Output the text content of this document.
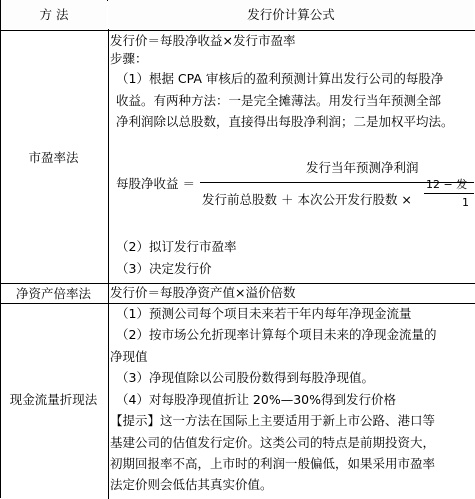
方 法	发行价计算公式
市盈率法
发行价＝每股净收益×发行市盈率
步骤：
（1）根据 CPA 审核后的盈利预测计算出发行公司的每股净
收益。有两种方法：一是完全摊薄法。用发行当年预测全部
净利润除以总股数，直接得出每股净利润；二是加权平均法。
每股净收益 ＝
发行当年预测净利润
发行前总股数 ＋ 本次公开发行股数 ×
12 − 发
1
（2）拟订发行市盈率
（3）决定发行价
净资产倍率法	发行价＝每股净资产值×溢价倍数
现金流量折现法
（1）预测公司每个项目未来若干年内每年净现金流量
（2）按市场公允折现率计算每个项目未来的净现金流量的
净现值
（3）净现值除以公司股份数得到每股净现值。
（4）对每股净现值折让 20%—30%得到发行价格
【提示】这一方法在国际上主要适用于新上市公路、港口等
基建公司的估值发行定价。这类公司的特点是前期投资大，
初期回报率不高，上市时的利润一般偏低，如果采用市盈率
法定价则会低估其真实价值。
